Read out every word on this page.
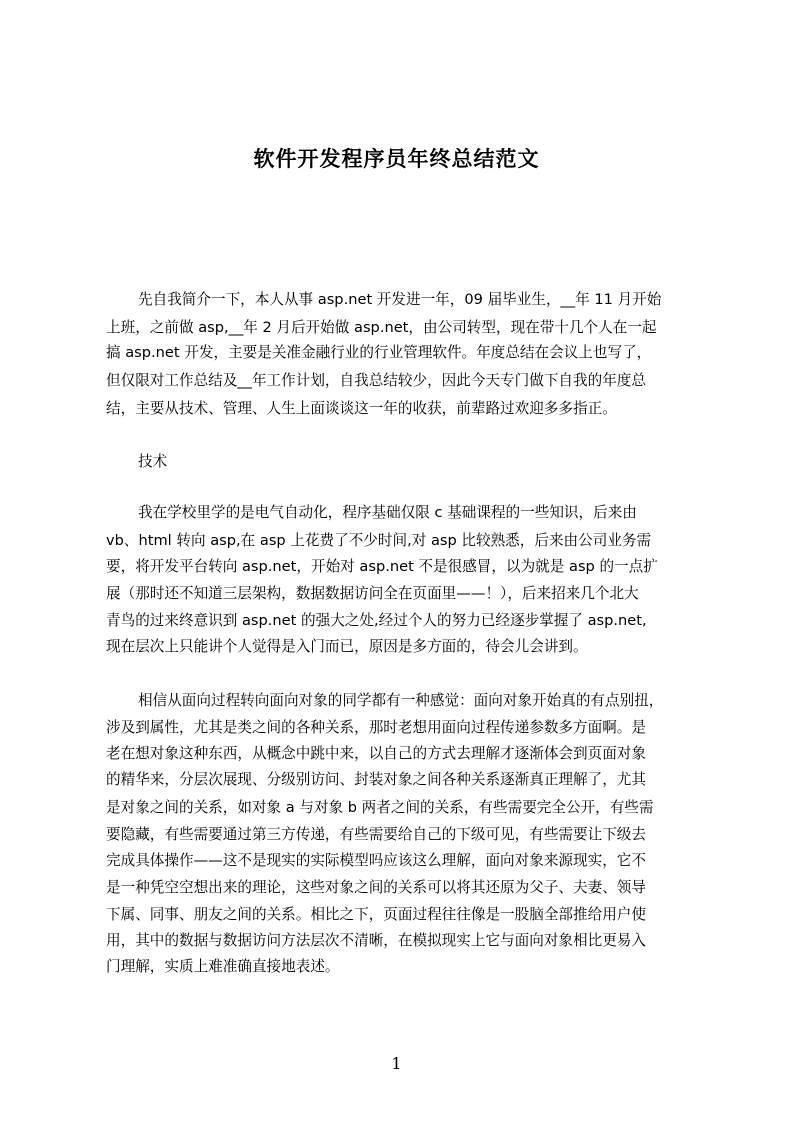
软件开发程序员年终总结范文
先自我简介一下，本人从事 asp.net 开发进一年，09 届毕业生，__年 11 月开始
上班，之前做 asp,__年 2 月后开始做 asp.net，由公司转型，现在带十几个人在一起
搞 asp.net 开发，主要是关准金融行业的行业管理软件。年度总结在会议上也写了，
但仅限对工作总结及__年工作计划，自我总结较少，因此今天专门做下自我的年度总
结，主要从技术、管理、人生上面谈谈这一年的收获，前辈路过欢迎多多指正。
技术
我在学校里学的是电气自动化，程序基础仅限 c 基础课程的一些知识，后来由
vb、html 转向 asp,在 asp 上花费了不少时间,对 asp 比较熟悉，后来由公司业务需
要，将开发平台转向 asp.net，开始对 asp.net 不是很感冒，以为就是 asp 的一点扩
展（那时还不知道三层架构，数据数据访问全在页面里——！），后来招来几个北大
青鸟的过来终意识到 asp.net 的强大之处,经过个人的努力已经逐步掌握了 asp.net,
现在层次上只能讲个人觉得是入门而已，原因是多方面的，待会儿会讲到。
相信从面向过程转向面向对象的同学都有一种感觉：面向对象开始真的有点别扭，
涉及到属性，尤其是类之间的各种关系，那时老想用面向过程传递参数多方面啊。是
老在想对象这种东西，从概念中跳中来，以自己的方式去理解才逐渐体会到页面对象
的精华来，分层次展现、分级别访问、封装对象之间各种关系逐渐真正理解了，尤其
是对象之间的关系，如对象 a 与对象 b 两者之间的关系，有些需要完全公开，有些需
要隐藏，有些需要通过第三方传递，有些需要给自己的下级可见，有些需要让下级去
完成具体操作——这不是现实的实际模型吗应该这么理解，面向对象来源现实，它不
是一种凭空空想出来的理论，这些对象之间的关系可以将其还原为父子、夫妻、领导
下属、同事、朋友之间的关系。相比之下，页面过程往往像是一股脑全部推给用户使
用，其中的数据与数据访问方法层次不清晰，在模拟现实上它与面向对象相比更易入
门理解，实质上难准确直接地表述。
1
